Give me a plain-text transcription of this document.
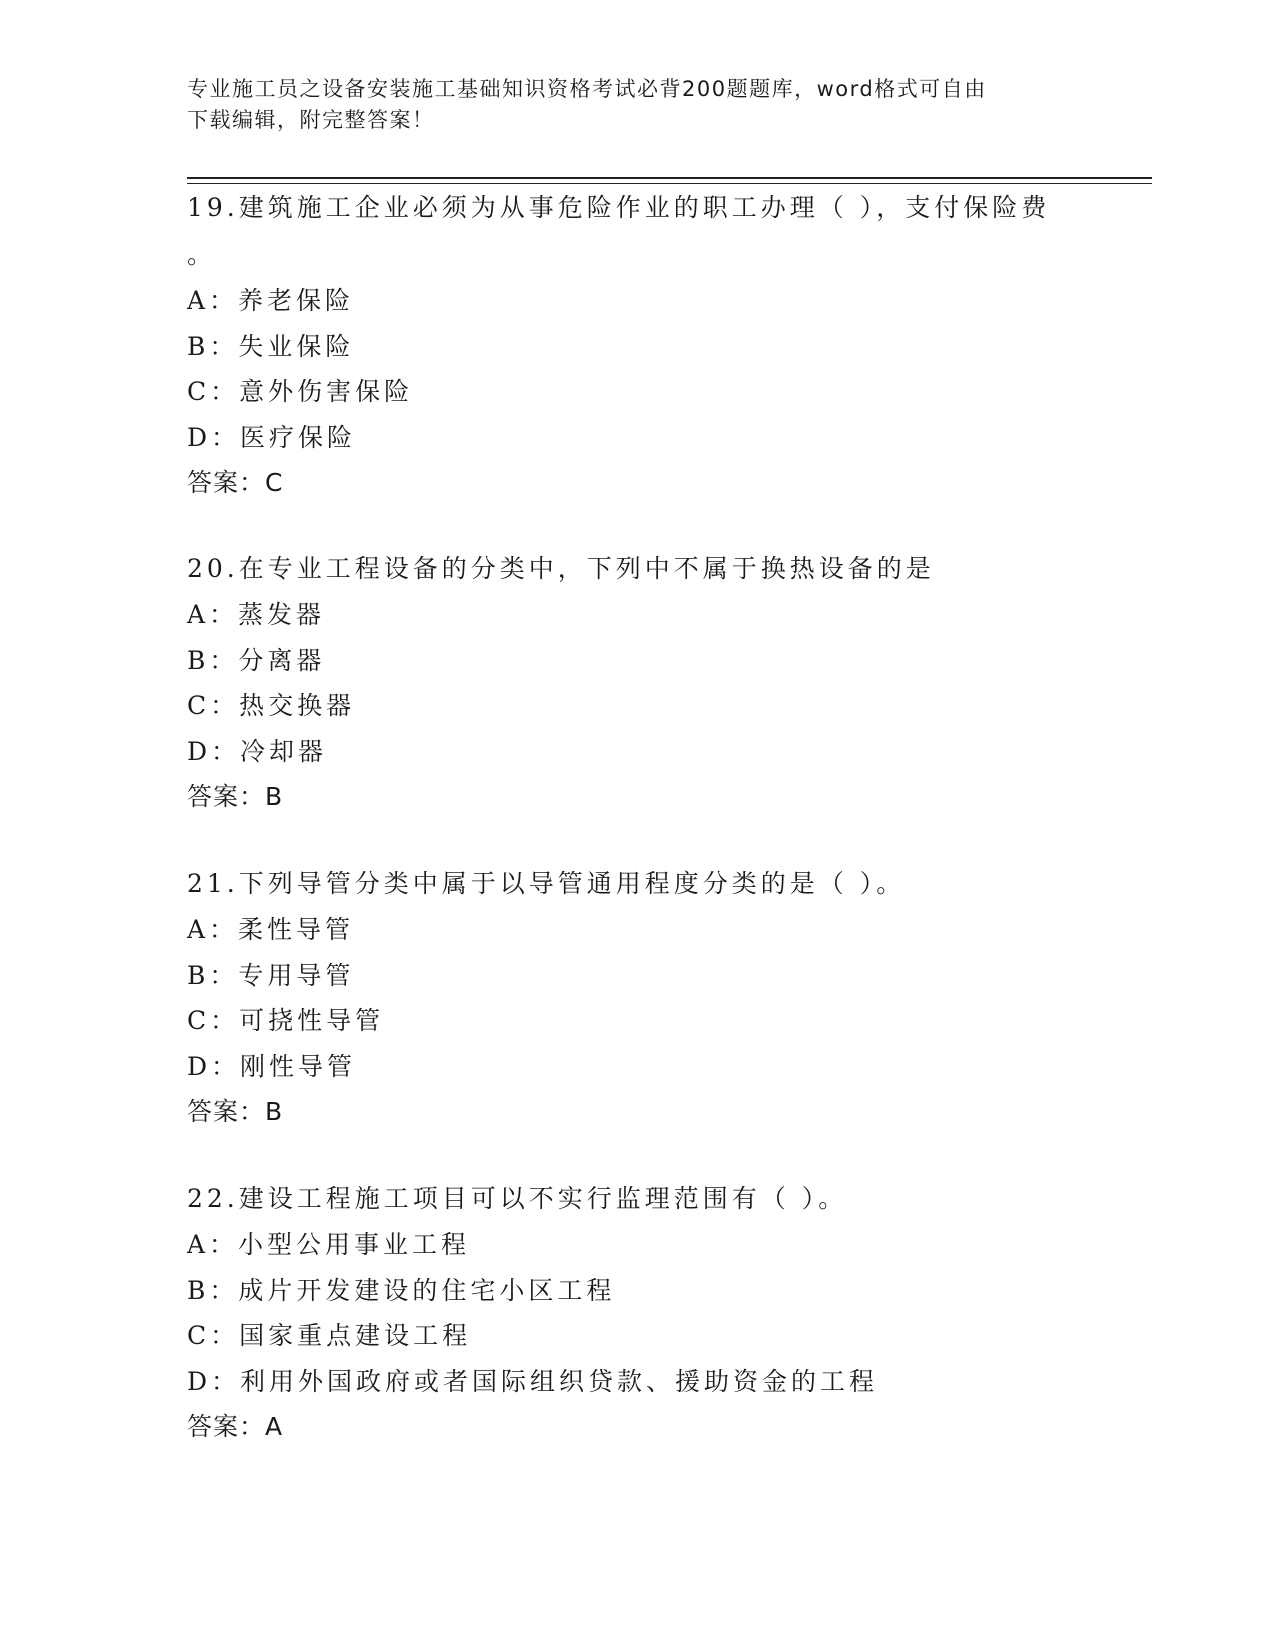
专业施工员之设备安装施工基础知识资格考试必背200题题库，word格式可自由
下载编辑，附完整答案！
19.建筑施工企业必须为从事危险作业的职工办理（ ），支付保险费
。
A：养老保险
B：失业保险
C：意外伤害保险
D：医疗保险
答案：C
20.在专业工程设备的分类中，下列中不属于换热设备的是
A：蒸发器
B：分离器
C：热交换器
D：冷却器
答案：B
21.下列导管分类中属于以导管通用程度分类的是（ ）。
A：柔性导管
B：专用导管
C：可挠性导管
D：刚性导管
答案：B
22.建设工程施工项目可以不实行监理范围有（ ）。
A：小型公用事业工程
B：成片开发建设的住宅小区工程
C：国家重点建设工程
D：利用外国政府或者国际组织贷款、援助资金的工程
答案：A
